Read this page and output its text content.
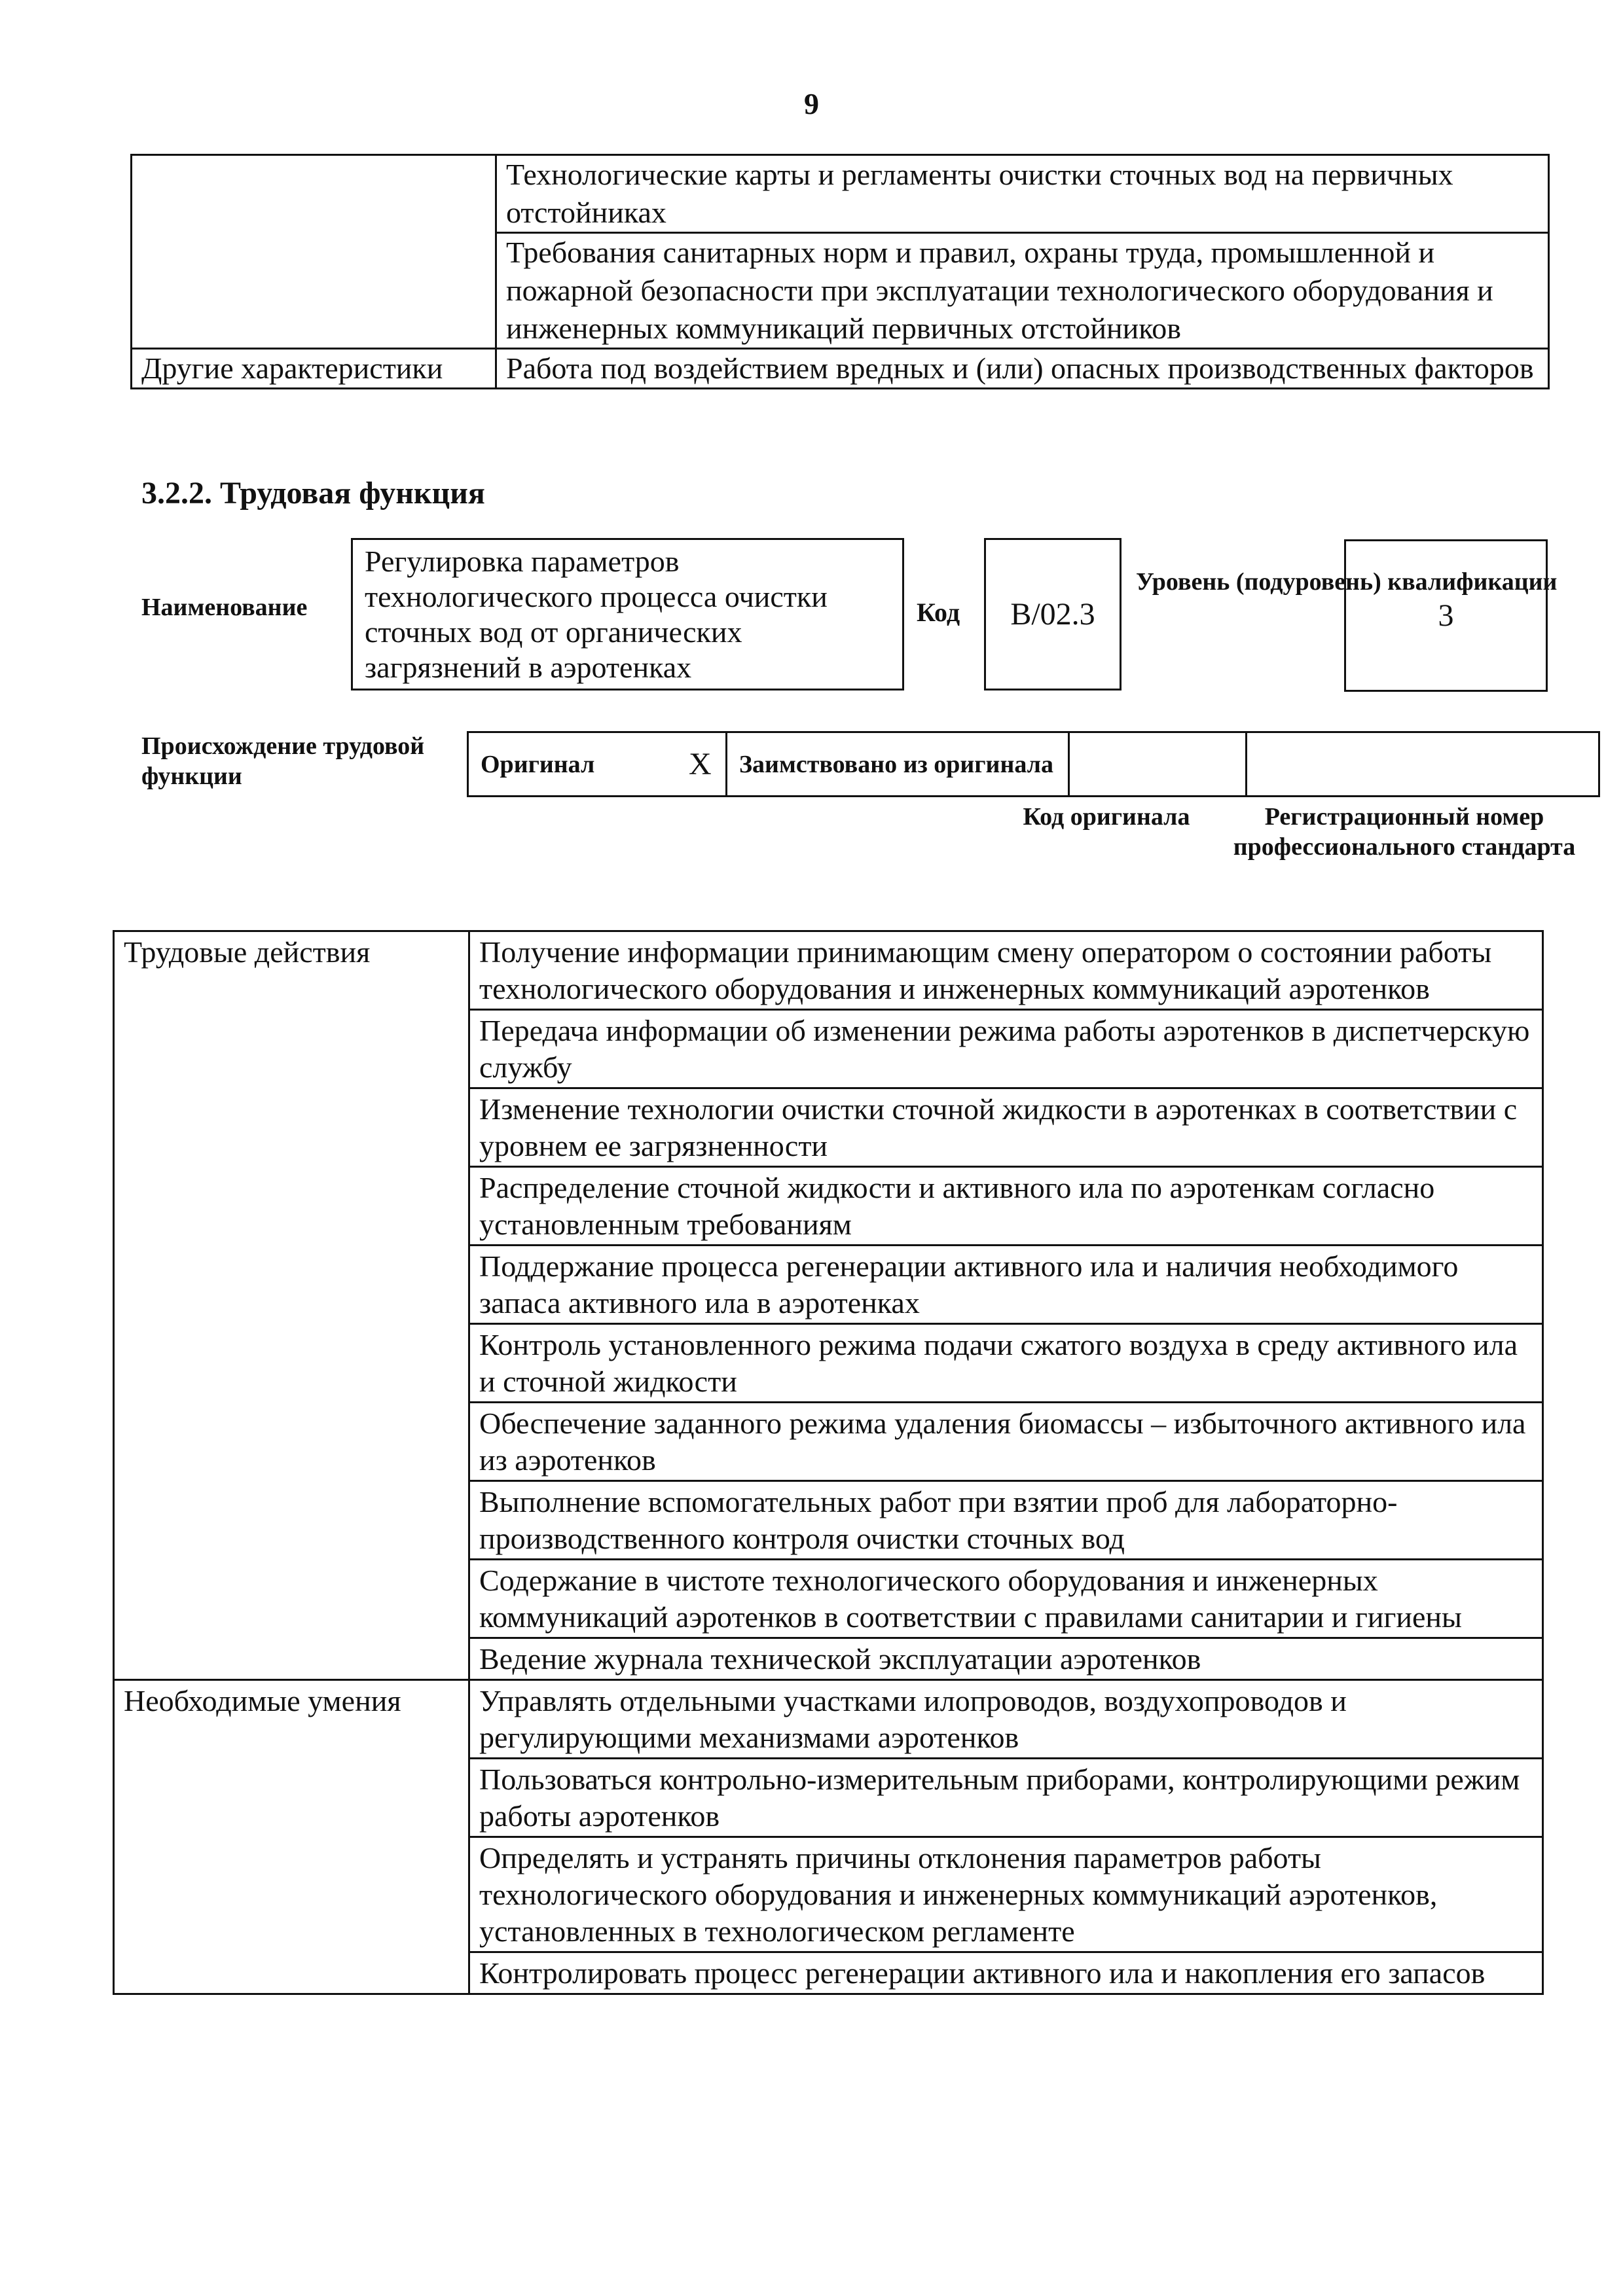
9
	Технологические карты и регламенты очистки сточных вод на первичных отстойниках
	Требования санитарных норм и правил, охраны труда, промышленной и пожарной безопасности при эксплуатации технологического оборудования и инженерных коммуникаций первичных отстойников
Другие характеристики	Работа под воздействием вредных и (или) опасных производственных факторов
3.2.2. Трудовая функция
Наименование
Регулировка параметров технологического процесса очистки сточных вод от органических загрязнений в аэротенках
Код B/02.3
Уровень (подуровень) квалификации
3
Происхождение трудовой функции	Оригинал	X	Заимствовано из оригинала		
Код оригинала	Регистрационный номер профессионального стандарта
Трудовые действия	Получение информации принимающим смену оператором о состоянии работы технологического оборудования и инженерных коммуникаций аэротенков
	Передача информации об изменении режима работы аэротенков в диспетчерскую службу
	Изменение технологии очистки сточной жидкости в аэротенках в соответствии с уровнем ее загрязненности
	Распределение сточной жидкости и активного ила по аэротенкам согласно установленным требованиям
	Поддержание процесса регенерации активного ила и наличия необходимого запаса активного ила в аэротенках
	Контроль установленного режима подачи сжатого воздуха в среду активного ила и сточной жидкости
	Обеспечение заданного режима удаления биомассы – избыточного активного ила из аэротенков
	Выполнение вспомогательных работ при взятии проб для лабораторно-производственного контроля очистки сточных вод
	Содержание в чистоте технологического оборудования и инженерных коммуникаций аэротенков в соответствии с правилами санитарии и гигиены
	Ведение журнала технической эксплуатации аэротенков
Необходимые умения	Управлять отдельными участками илопроводов, воздухопроводов и регулирующими механизмами аэротенков
	Пользоваться контрольно-измерительным приборами, контролирующими режим работы аэротенков
	Определять и устранять причины отклонения параметров работы технологического оборудования и инженерных коммуникаций аэротенков, установленных в технологическом регламенте
	Контролировать процесс регенерации активного ила и накопления его запасов
